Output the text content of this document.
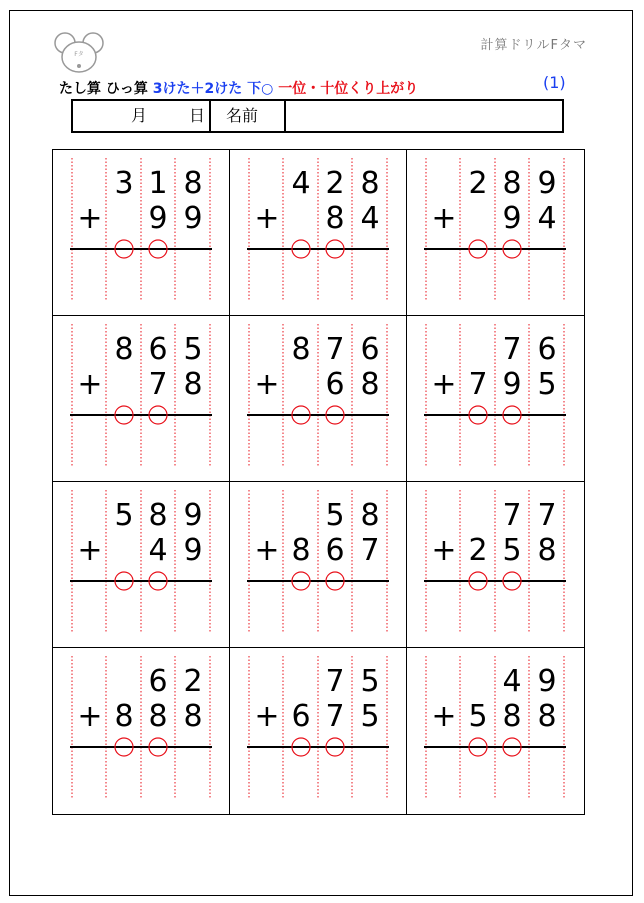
Fタ
計算ドリルFタマ
たし算 ひっ算 3けた＋2けた 下○ 一位・十位くり上がり	(1)
月	日 名前
3 1 8
+ 9 9
4 2 8
+ 8 4
2 8 9
+ 9 4
8 6 5
+ 7 8
8 7 6
+ 6 8
7 6
+ 7 9 5
5 8 9
+ 4 9
5 8
+ 8 6 7
7 7
+ 2 5 8
6 2
+ 8 8 8
7 5
+ 6 7 5
4 9
+ 5 8 8
